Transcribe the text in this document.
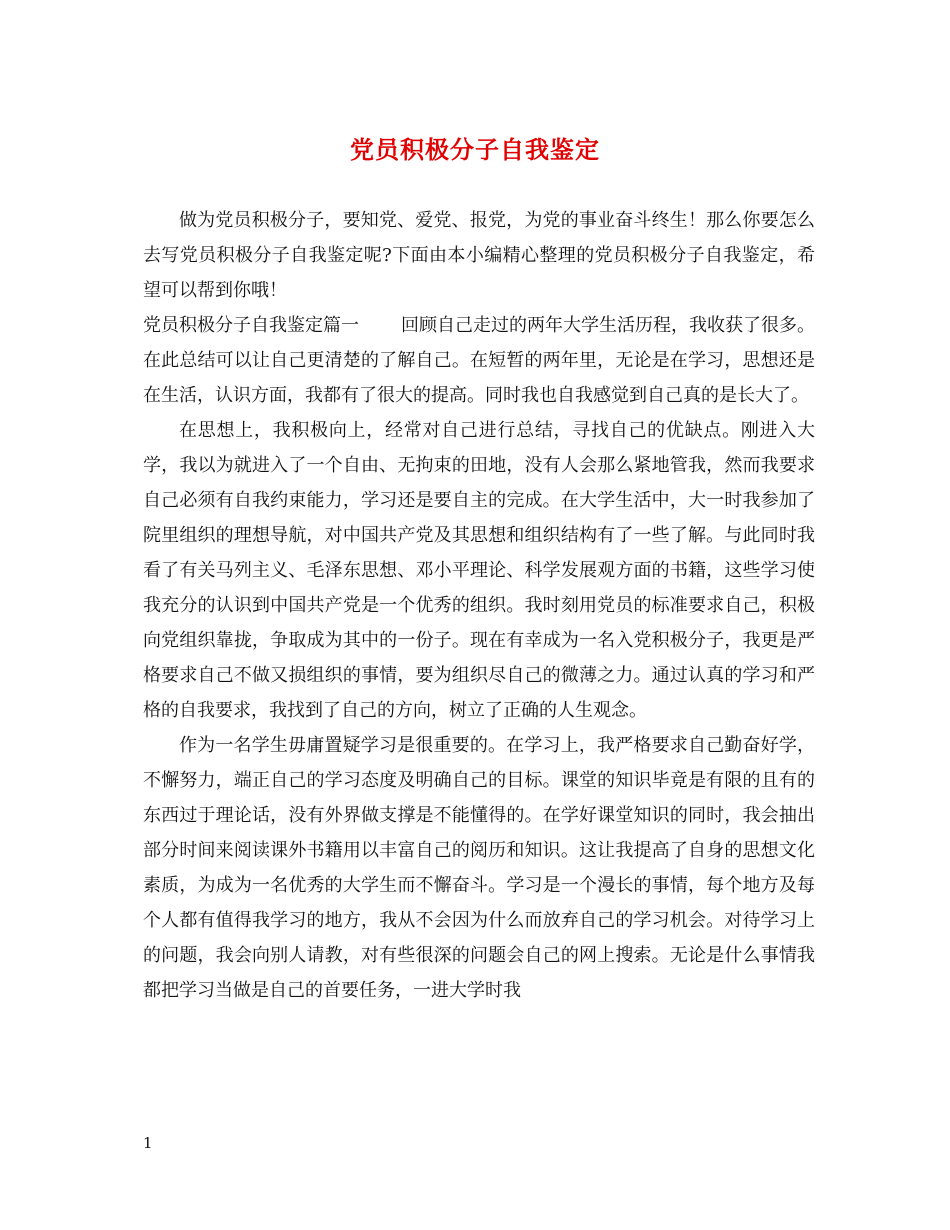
党员积极分子自我鉴定

做为党员积极分子，要知党、爱党、报党，为党的事业奋斗终生！那么你要怎么去写党员积极分子自我鉴定呢?下面由本小编精心整理的党员积极分子自我鉴定，希望可以帮到你哦！

党员积极分子自我鉴定篇一 回顾自己走过的两年大学生活历程，我收获了很多。在此总结可以让自己更清楚的了解自己。在短暂的两年里，无论是在学习，思想还是在生活，认识方面，我都有了很大的提高。同时我也自我感觉到自己真的是长大了。

在思想上，我积极向上，经常对自己进行总结，寻找自己的优缺点。刚进入大学，我以为就进入了一个自由、无拘束的田地，没有人会那么紧地管我，然而我要求自己必须有自我约束能力，学习还是要自主的完成。在大学生活中，大一时我参加了院里组织的理想导航，对中国共产党及其思想和组织结构有了一些了解。与此同时我看了有关马列主义、毛泽东思想、邓小平理论、科学发展观方面的书籍，这些学习使我充分的认识到中国共产党是一个优秀的组织。我时刻用党员的标准要求自己，积极向党组织靠拢，争取成为其中的一份子。现在有幸成为一名入党积极分子，我更是严格要求自己不做又损组织的事情，要为组织尽自己的微薄之力。通过认真的学习和严格的自我要求，我找到了自己的方向，树立了正确的人生观念。

作为一名学生毋庸置疑学习是很重要的。在学习上，我严格要求自己勤奋好学，不懈努力，端正自己的学习态度及明确自己的目标。课堂的知识毕竟是有限的且有的东西过于理论话，没有外界做支撑是不能懂得的。在学好课堂知识的同时，我会抽出部分时间来阅读课外书籍用以丰富自己的阅历和知识。这让我提高了自身的思想文化素质，为成为一名优秀的大学生而不懈奋斗。学习是一个漫长的事情，每个地方及每个人都有值得我学习的地方，我从不会因为什么而放弃自己的学习机会。对待学习上的问题，我会向别人请教，对有些很深的问题会自己的网上搜索。无论是什么事情我都把学习当做是自己的首要任务，一进大学时我

1
